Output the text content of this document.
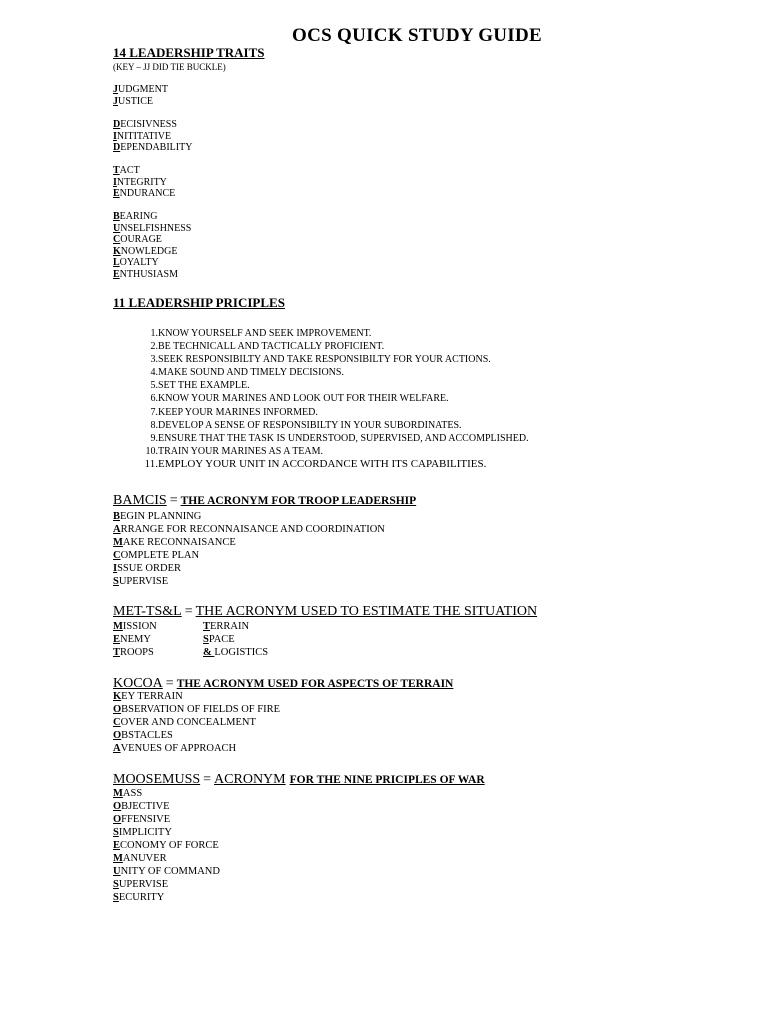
OCS QUICK STUDY GUIDE
14 LEADERSHIP TRAITS
(KEY – JJ DID TIE BUCKLE)
JUDGMENT
JUSTICE
DECISIVNESS
INITITATIVE
DEPENDABILITY
TACT
INTEGRITY
ENDURANCE
BEARING
UNSELFISHNESS
COURAGE
KNOWLEDGE
LOYALTY
ENTHUSIASM
11 LEADERSHIP PRICIPLES
1. KNOW YOURSELF AND SEEK IMPROVEMENT.
2. BE TECHNICALL AND TACTICALLY PROFICIENT.
3. SEEK RESPONSIBILTY AND TAKE RESPONSIBILTY FOR YOUR ACTIONS.
4. MAKE SOUND AND TIMELY DECISIONS.
5. SET THE EXAMPLE.
6. KNOW YOUR MARINES AND LOOK OUT FOR THEIR WELFARE.
7. KEEP YOUR MARINES INFORMED.
8. DEVELOP A SENSE OF RESPONSIBILTY IN YOUR SUBORDINATES.
9. ENSURE THAT THE TASK IS UNDERSTOOD, SUPERVISED, AND ACCOMPLISHED.
10. TRAIN YOUR MARINES AS A TEAM.
11. EMPLOY YOUR UNIT IN ACCORDANCE WITH ITS CAPABILITIES.
BAMCIS = THE ACRONYM FOR TROOP LEADERSHIP
BEGIN PLANNING
ARRANGE FOR RECONNAISANCE AND COORDINATION
MAKE RECONNAISANCE
COMPLETE PLAN
ISSUE ORDER
SUPERVISE
MET-TS&L = THE ACRONYM USED TO ESTIMATE THE SITUATION
MISSION
ENEMY
TROOPS
TERRAIN
SPACE
& LOGISTICS
KOCOA = THE ACRONYM USED FOR ASPECTS OF TERRAIN
KEY TERRAIN
OBSERVATION OF FIELDS OF FIRE
COVER AND CONCEALMENT
OBSTACLES
AVENUES OF APPROACH
MOOSEMUSS = ACRONYM FOR THE NINE PRICIPLES OF WAR
MASS
OBJECTIVE
OFFENSIVE
SIMPLICITY
ECONOMY OF FORCE
MANUVER
UNITY OF COMMAND
SUPERVISE
SECURITY
